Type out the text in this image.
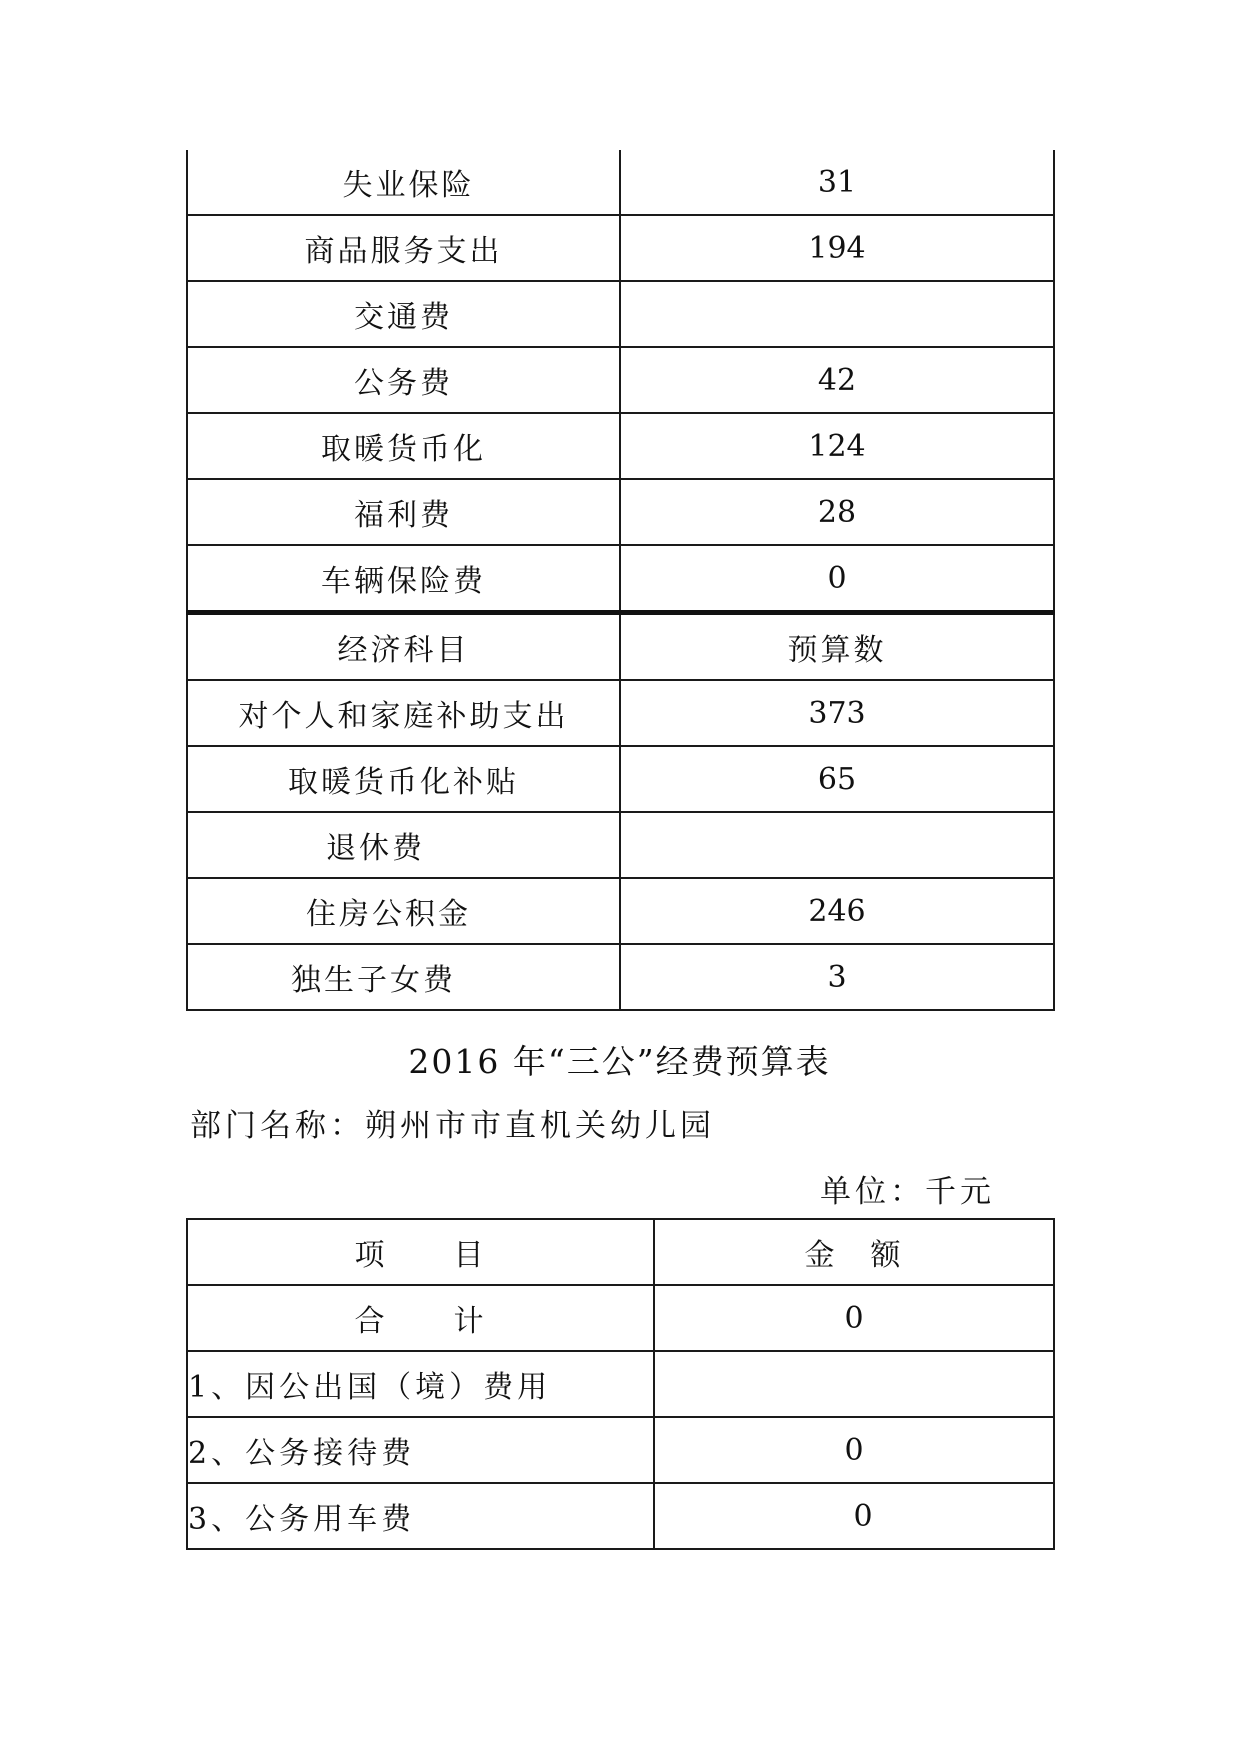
失业保险	31
商品服务支出	194
交通费	
公务费	42
取暖货币化	124
福利费	28
车辆保险费	0
经济科目	预算数
对个人和家庭补助支出	373
取暖货币化补贴	65
退休费	
住房公积金	246
独生子女费	3
2016 年“三公”经费预算表
部门名称：朔州市市直机关幼儿园
单位：千元
项　　目	金　额
合　　计	0
1、因公出国（境）费用	
2、公务接待费	0
3、公务用车费	0
